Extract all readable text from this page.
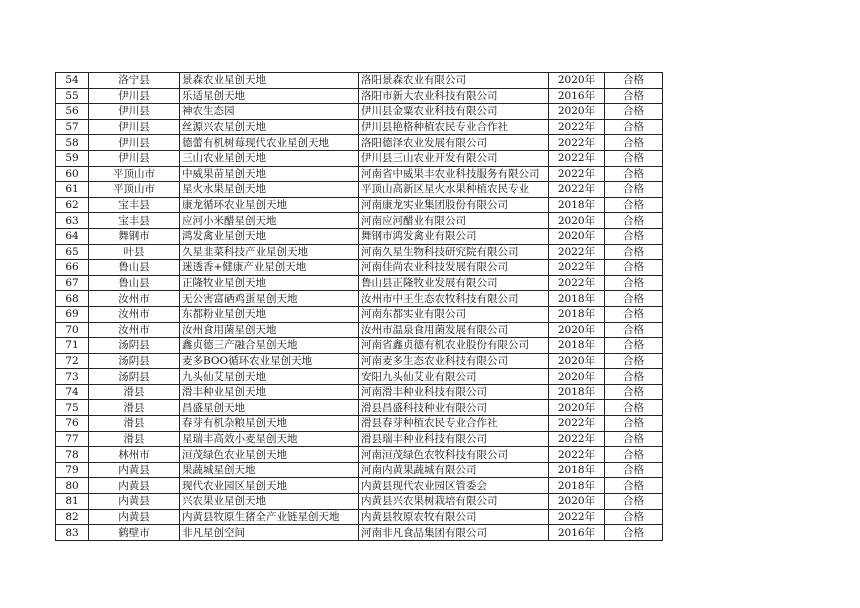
54	洛宁县	景森农业星创天地	洛阳景森农业有限公司	2020年	合格
55	伊川县	乐适星创天地	洛阳市新大农业科技有限公司	2016年	合格
56	伊川县	神农生态园	伊川县金粟农业科技有限公司	2020年	合格
57	伊川县	丝源兴农星创天地	伊川县艳格种植农民专业合作社	2022年	合格
58	伊川县	德蕾有机树莓现代农业星创天地	洛阳德泽农业发展有限公司	2022年	合格
59	伊川县	三山农业星创天地	伊川县三山农业开发有限公司	2022年	合格
60	平顶山市	中威果苗星创天地	河南省中威果丰农业科技服务有限公司	2022年	合格
61	平顶山市	星火水果星创天地	平顶山高新区星火水果种植农民专业	2022年	合格
62	宝丰县	康龙循环农业星创天地	河南康龙实业集团股份有限公司	2018年	合格
63	宝丰县	应河小米醋星创天地	河南应河醋业有限公司	2020年	合格
64	舞钢市	鸿发禽业星创天地	舞钢市鸿发禽业有限公司	2020年	合格
65	叶县	久星韭菜科技产业星创天地	河南久星生物科技研究院有限公司	2022年	合格
66	鲁山县	迷透香+健康产业星创天地	河南佳尚农业科技发展有限公司	2022年	合格
67	鲁山县	正隆牧业星创天地	鲁山县正隆牧业发展有限公司	2022年	合格
68	汝州市	无公害富硒鸡蛋星创天地	汝州市中王生态农牧科技有限公司	2018年	合格
69	汝州市	东都粉业星创天地	河南东都实业有限公司	2018年	合格
70	汝州市	汝州食用菌星创天地	汝州市温泉食用菌发展有限公司	2020年	合格
71	汤阴县	鑫贞德三产融合星创天地	河南省鑫贞德有机农业股份有限公司	2018年	合格
72	汤阴县	麦多BOO循环农业星创天地	河南麦多生态农业科技有限公司	2020年	合格
73	汤阴县	九头仙艾星创天地	安阳九头仙艾业有限公司	2020年	合格
74	滑县	滑丰种业星创天地	河南滑丰种业科技有限公司	2018年	合格
75	滑县	昌盛星创天地	滑县昌盛科技种业有限公司	2020年	合格
76	滑县	春芽有机杂粮星创天地	滑县春芽种植农民专业合作社	2022年	合格
77	滑县	星瑞丰高效小麦星创天地	滑县瑞丰种业科技有限公司	2022年	合格
78	林州市	洹茂绿色农业星创天地	河南洹茂绿色农牧科技有限公司	2022年	合格
79	内黄县	果蔬城星创天地	河南内黄果蔬城有限公司	2018年	合格
80	内黄县	现代农业园区星创天地	内黄县现代农业园区管委会	2018年	合格
81	内黄县	兴农果业星创天地	内黄县兴农果树栽培有限公司	2020年	合格
82	内黄县	内黄县牧原生猪全产业链星创天地	内黄县牧原农牧有限公司	2022年	合格
83	鹤壁市	非凡星创空间	河南非凡食品集团有限公司	2016年	合格
